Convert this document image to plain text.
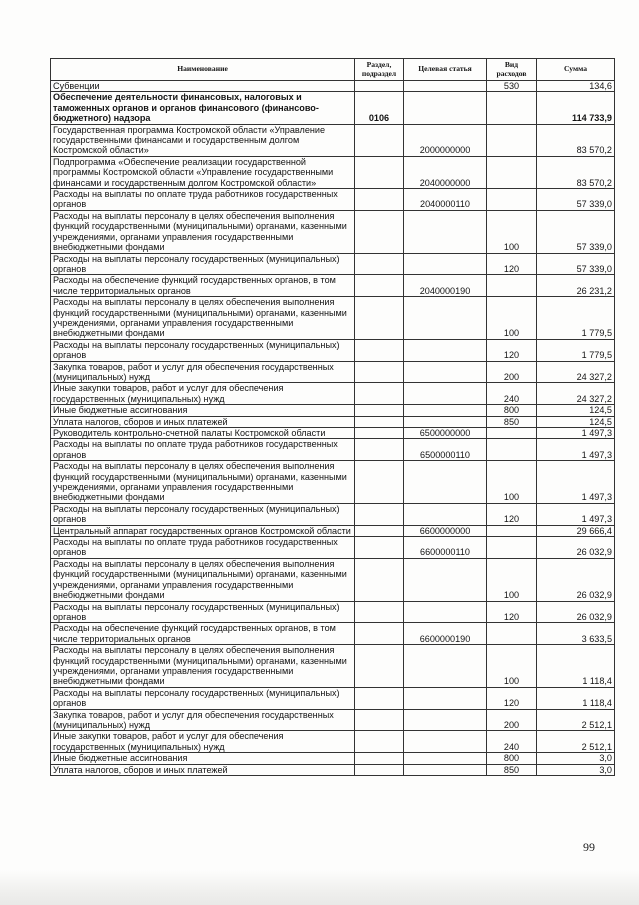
Наименование	Раздел, подраздел	Целевая статья	Вид расходов	Сумма
Субвенции			530	134,6
Обеспечение деятельности финансовых, налоговых и таможенных органов и органов финансового (финансово-бюджетного) надзора	0106			114 733,9
Государственная программа Костромской области «Управление государственными финансами и государственным долгом Костромской области»		2000000000		83 570,2
Подпрограмма «Обеспечение реализации государственной программы Костромской области «Управление государственными финансами и государственным долгом Костромской области»		2040000000		83 570,2
Расходы на выплаты по оплате труда работников государственных органов		2040000110		57 339,0
Расходы на выплаты персоналу в целях обеспечения выполнения функций государственными (муниципальными) органами, казенными учреждениями, органами управления государственными внебюджетными фондами			100	57 339,0
Расходы на выплаты персоналу государственных (муниципальных) органов			120	57 339,0
Расходы на обеспечение функций государственных органов, в том числе территориальных органов		2040000190		26 231,2
Расходы на выплаты персоналу в целях обеспечения выполнения функций государственными (муниципальными) органами, казенными учреждениями, органами управления государственными внебюджетными фондами			100	1 779,5
Расходы на выплаты персоналу государственных (муниципальных) органов			120	1 779,5
Закупка товаров, работ и услуг для обеспечения государственных (муниципальных) нужд			200	24 327,2
Иные закупки товаров, работ и услуг для обеспечения государственных (муниципальных) нужд			240	24 327,2
Иные бюджетные ассигнования			800	124,5
Уплата налогов, сборов и иных платежей			850	124,5
Руководитель контрольно-счетной палаты Костромской области		6500000000		1 497,3
Расходы на выплаты по оплате труда работников государственных органов		6500000110		1 497,3
Расходы на выплаты персоналу в целях обеспечения выполнения функций государственными (муниципальными) органами, казенными учреждениями, органами управления государственными внебюджетными фондами			100	1 497,3
Расходы на выплаты персоналу государственных (муниципальных) органов			120	1 497,3
Центральный аппарат государственных органов Костромской области		6600000000		29 666,4
Расходы на выплаты по оплате труда работников государственных органов		6600000110		26 032,9
Расходы на выплаты персоналу в целях обеспечения выполнения функций государственными (муниципальными) органами, казенными учреждениями, органами управления государственными внебюджетными фондами			100	26 032,9
Расходы на выплаты персоналу государственных (муниципальных) органов			120	26 032,9
Расходы на обеспечение функций государственных органов, в том числе территориальных органов		6600000190		3 633,5
Расходы на выплаты персоналу в целях обеспечения выполнения функций государственными (муниципальными) органами, казенными учреждениями, органами управления государственными внебюджетными фондами			100	1 118,4
Расходы на выплаты персоналу государственных (муниципальных) органов			120	1 118,4
Закупка товаров, работ и услуг для обеспечения государственных (муниципальных) нужд			200	2 512,1
Иные закупки товаров, работ и услуг для обеспечения государственных (муниципальных) нужд			240	2 512,1
Иные бюджетные ассигнования			800	3,0
Уплата налогов, сборов и иных платежей			850	3,0
99
